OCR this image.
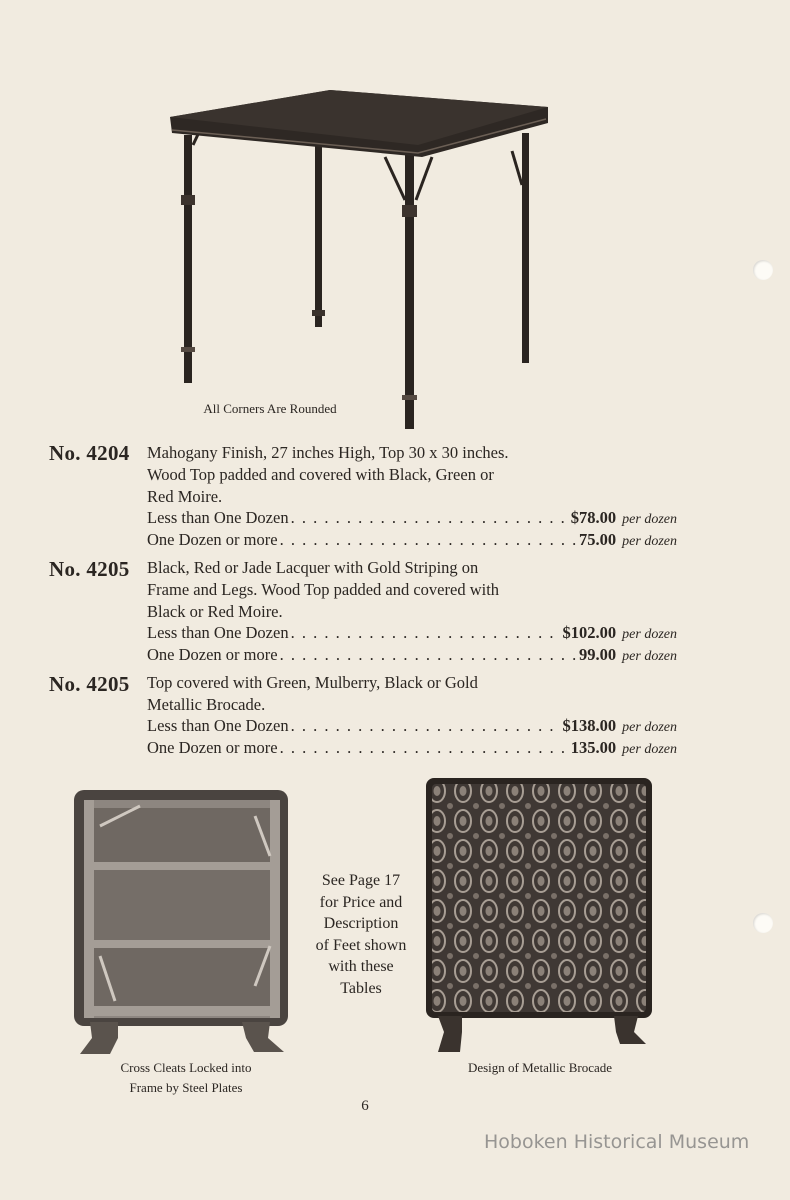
All Corners Are Rounded
No. 4204 Mahogany Finish, 27 inches High, Top 30 x 30 inches.
Wood Top padded and covered with Black, Green or
Red Moire.
Less than One Dozen . . .	$78.00 per dozen
One Dozen or more . . .	75.00 per dozen
No. 4205 Black, Red or Jade Lacquer with Gold Striping on
Frame and Legs. Wood Top padded and covered with
Black or Red Moire.
Less than One Dozen . . .	$102.00 per dozen
One Dozen or more . . .	99.00 per dozen
No. 4205 Top covered with Green, Mulberry, Black or Gold
Metallic Brocade.
Less than One Dozen . . .	$138.00 per dozen
One Dozen or more . . .	135.00 per dozen
Cross Cleats Locked into
Frame by Steel Plates
See Page 17
for Price and
Description
of Feet shown
with these
Tables
Design of Metallic Brocade
6
Hoboken Historical Museum
